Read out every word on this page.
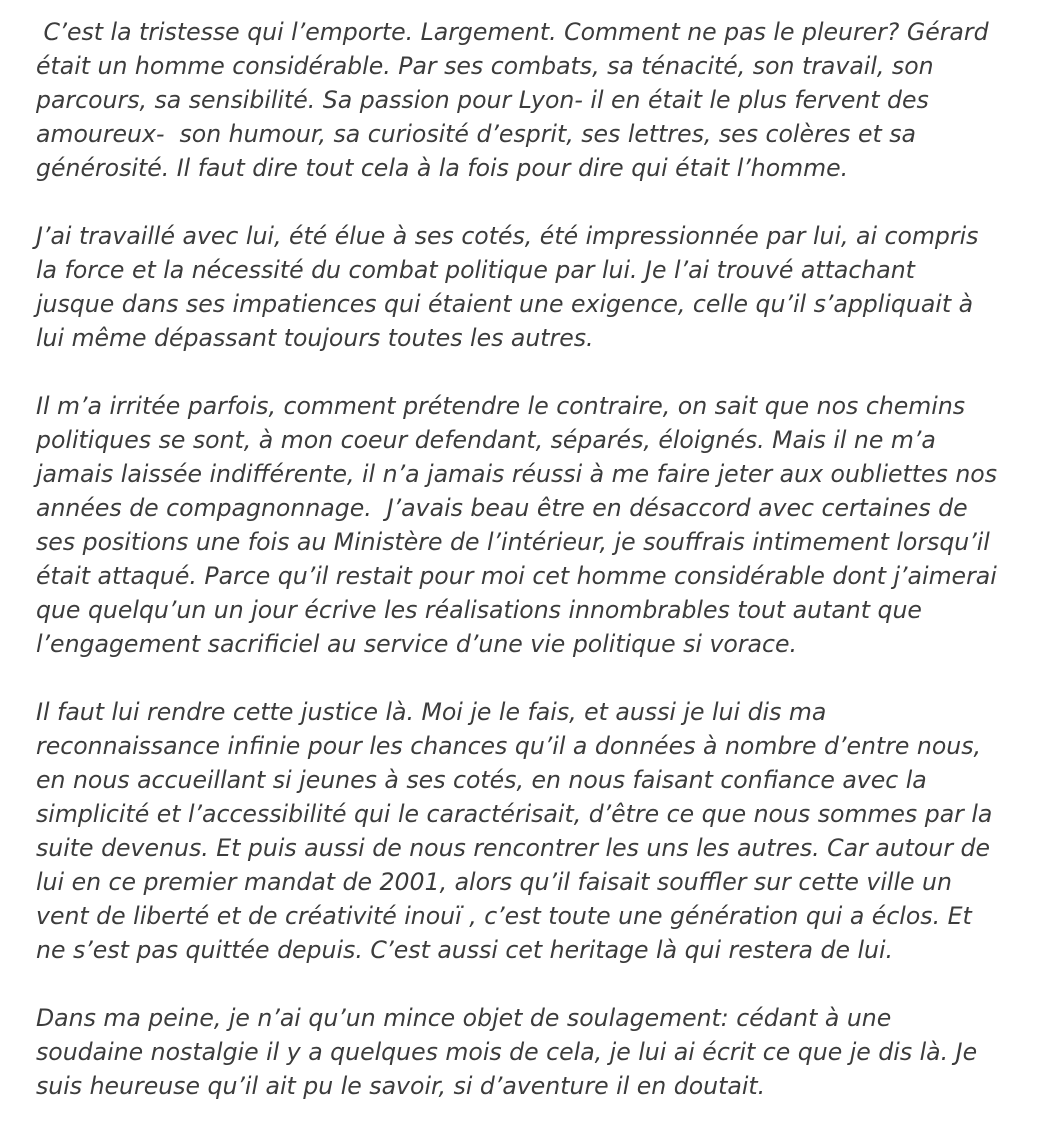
C’est la tristesse qui l’emporte. Largement. Comment ne pas le pleurer? Gérard
était un homme considérable. Par ses combats, sa ténacité, son travail, son
parcours, sa sensibilité. Sa passion pour Lyon- il en était le plus fervent des
amoureux-  son humour, sa curiosité d’esprit, ses lettres, ses colères et sa
générosité. Il faut dire tout cela à la fois pour dire qui était l’homme.
J’ai travaillé avec lui, été élue à ses cotés, été impressionnée par lui, ai compris
la force et la nécessité du combat politique par lui. Je l’ai trouvé attachant
jusque dans ses impatiences qui étaient une exigence, celle qu’il s’appliquait à
lui même dépassant toujours toutes les autres.
Il m’a irritée parfois, comment prétendre le contraire, on sait que nos chemins
politiques se sont, à mon coeur defendant, séparés, éloignés. Mais il ne m’a
jamais laissée indifférente, il n’a jamais réussi à me faire jeter aux oubliettes nos
années de compagnonnage.  J’avais beau être en désaccord avec certaines de
ses positions une fois au Ministère de l’intérieur, je souffrais intimement lorsqu’il
était attaqué. Parce qu’il restait pour moi cet homme considérable dont j’aimerai
que quelqu’un un jour écrive les réalisations innombrables tout autant que
l’engagement sacrificiel au service d’une vie politique si vorace.
Il faut lui rendre cette justice là. Moi je le fais, et aussi je lui dis ma
reconnaissance infinie pour les chances qu’il a données à nombre d’entre nous,
en nous accueillant si jeunes à ses cotés, en nous faisant confiance avec la
simplicité et l’accessibilité qui le caractérisait, d’être ce que nous sommes par la
suite devenus. Et puis aussi de nous rencontrer les uns les autres. Car autour de
lui en ce premier mandat de 2001, alors qu’il faisait souffler sur cette ville un
vent de liberté et de créativité inouï , c’est toute une génération qui a éclos. Et
ne s’est pas quittée depuis. C’est aussi cet heritage là qui restera de lui.
Dans ma peine, je n’ai qu’un mince objet de soulagement: cédant à une
soudaine nostalgie il y a quelques mois de cela, je lui ai écrit ce que je dis là. Je
suis heureuse qu’il ait pu le savoir, si d’aventure il en doutait.
